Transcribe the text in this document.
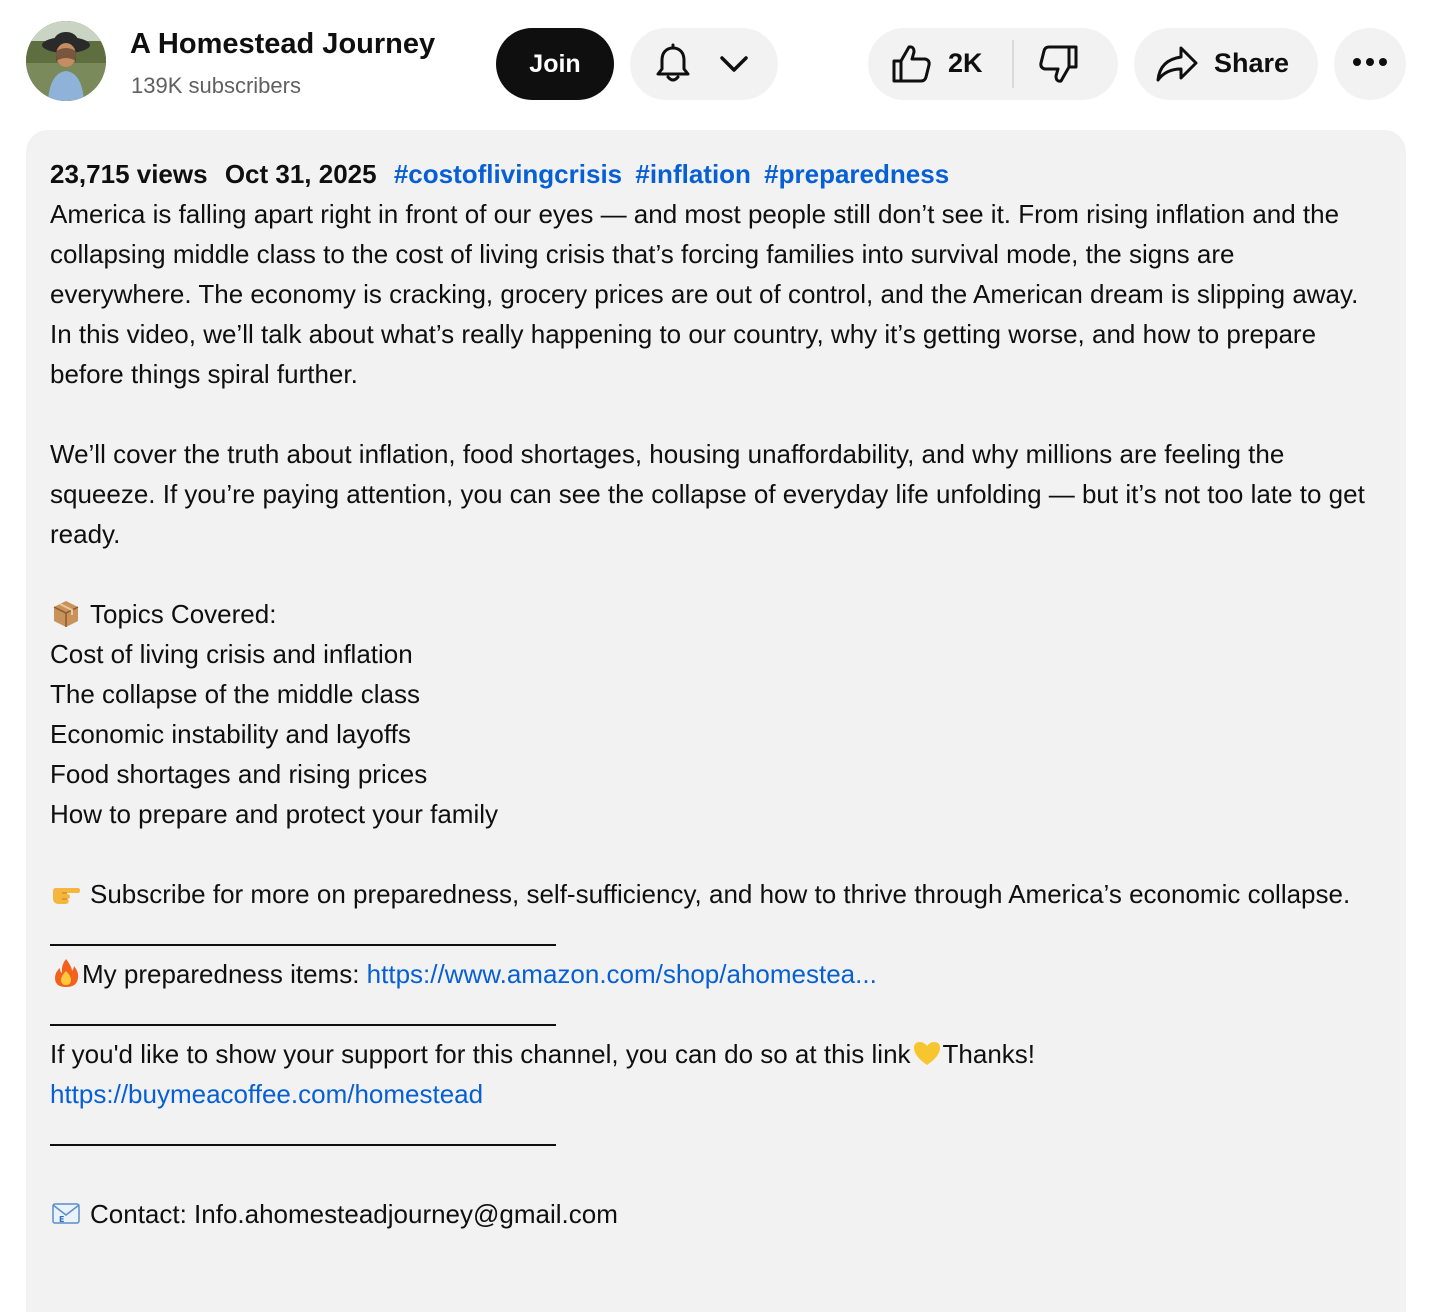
A Homestead Journey
139K subscribers
Join	2K	Share
23,715 views Oct 31, 2025 #costoflivingcrisis #inflation #preparedness

America is falling apart right in front of our eyes — and most people still don’t see it. From rising inflation and the collapsing middle class to the cost of living crisis that’s forcing families into survival mode, the signs are everywhere. The economy is cracking, grocery prices are out of control, and the American dream is slipping away. In this video, we’ll talk about what’s really happening to our country, why it’s getting worse, and how to prepare before things spiral further.

We’ll cover the truth about inflation, food shortages, housing unaffordability, and why millions are feeling the squeeze. If you’re paying attention, you can see the collapse of everyday life unfolding — but it’s not too late to get ready.

Topics Covered:

Cost of living crisis and inflation

The collapse of the middle class

Economic instability and layoffs

Food shortages and rising prices

How to prepare and protect your family

Subscribe for more on preparedness, self-sufficiency, and how to thrive through America’s economic collapse.

My preparedness items: https://www.amazon.com/shop/ahomestea...

If you'd like to show your support for this channel, you can do so at this link Thanks!

https://buymeacoffee.com/homestead

E Contact: Info.ahomesteadjourney@gmail.com
